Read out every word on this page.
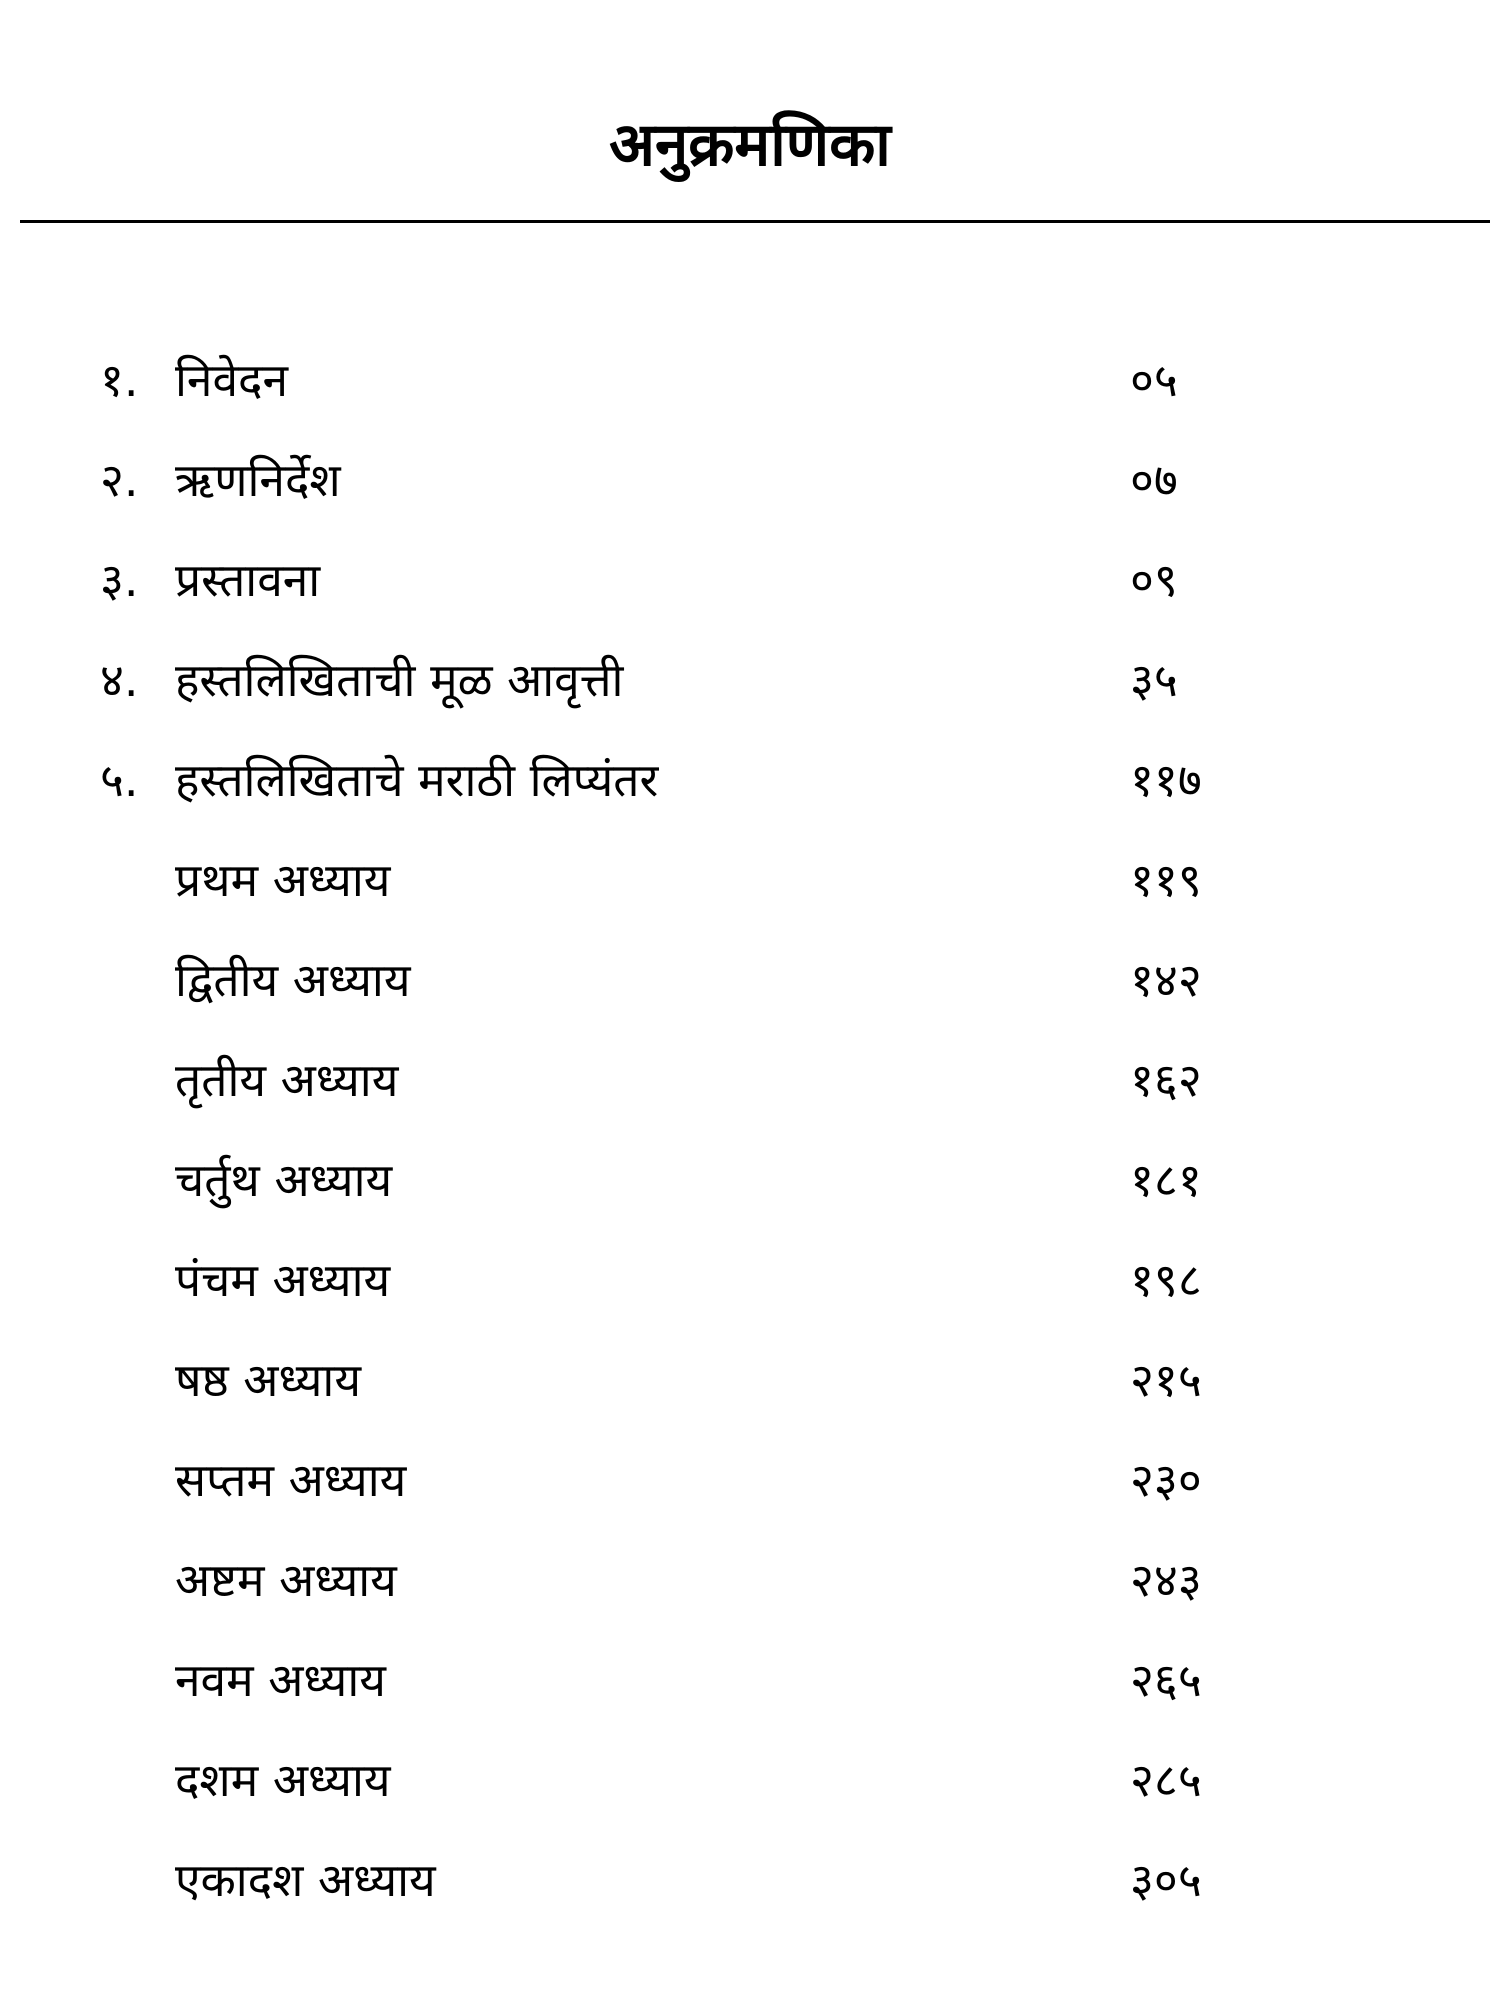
अनुक्रमणिका
१. निवेदन	०५
२. ऋणनिर्देश	०७
३. प्रस्तावना	०९
४. हस्तलिखिताची मूळ आवृत्ती	३५
५. हस्तलिखिताचे मराठी लिप्यंतर	११७
प्रथम अध्याय	११९
द्वितीय अध्याय	१४२
तृतीय अध्याय	१६२
चर्तुथ अध्याय	१८१
पंचम अध्याय	१९८
षष्ठ अध्याय	२१५
सप्तम अध्याय	२३०
अष्टम अध्याय	२४३
नवम अध्याय	२६५
दशम अध्याय	२८५
एकादश अध्याय	३०५
